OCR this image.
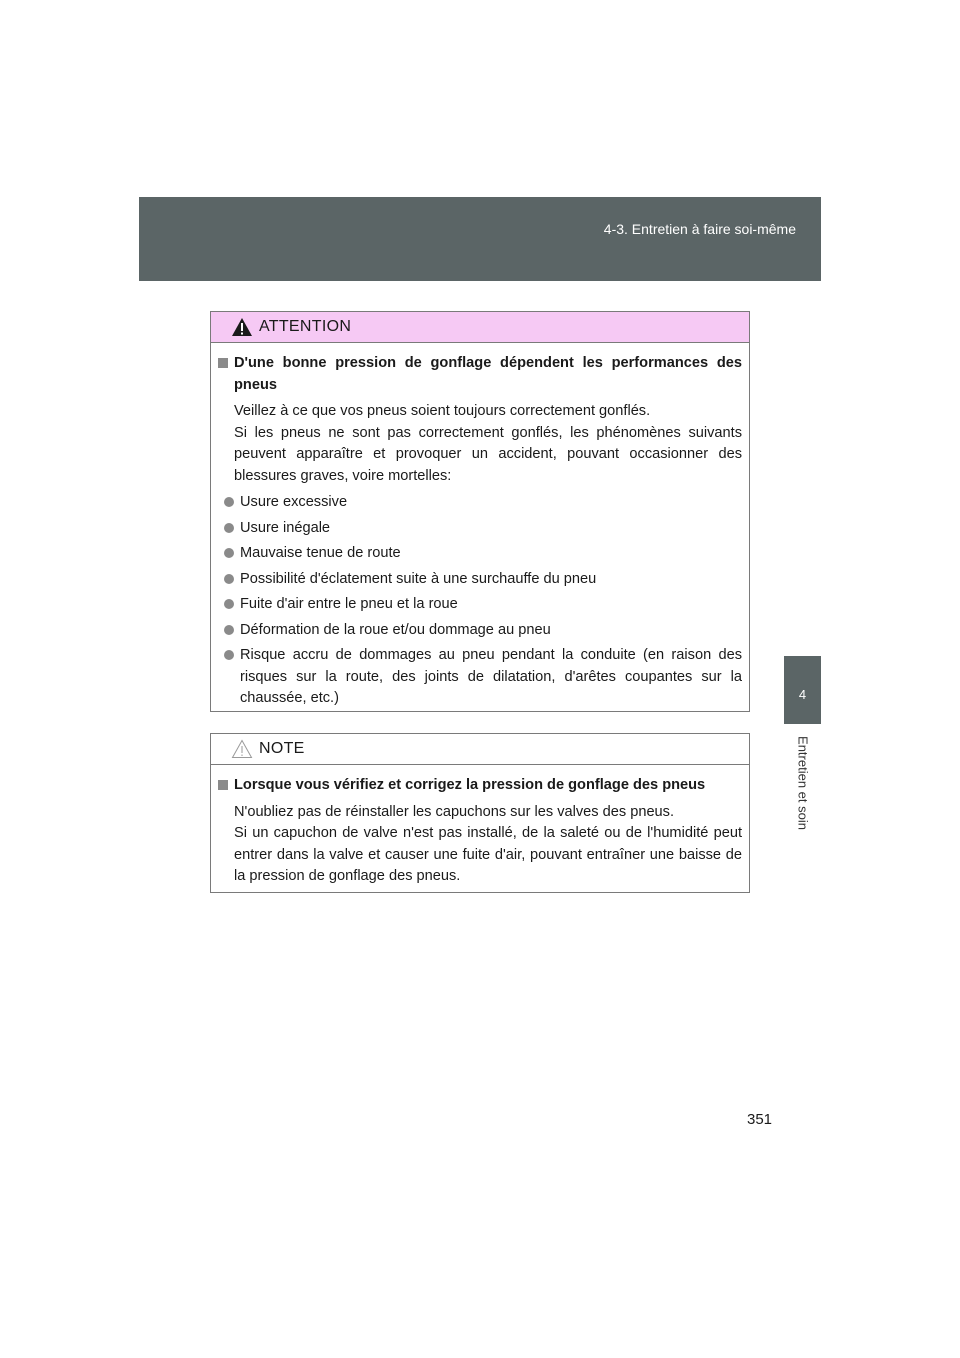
4-3. Entretien à faire soi-même
4
Entretien et soin
ATTENTION
D'une bonne pression de gonflage dépendent les performances des pneus
Veillez à ce que vos pneus soient toujours correctement gonflés.
Si les pneus ne sont pas correctement gonflés, les phénomènes suivants peuvent apparaître et provoquer un accident, pouvant occasionner des blessures graves, voire mortelles:
Usure excessive
Usure inégale
Mauvaise tenue de route
Possibilité d'éclatement suite à une surchauffe du pneu
Fuite d'air entre le pneu et la roue
Déformation de la roue et/ou dommage au pneu
Risque accru de dommages au pneu pendant la conduite (en raison des risques sur la route, des joints de dilatation, d'arêtes coupantes sur la chaussée, etc.)
NOTE
Lorsque vous vérifiez et corrigez la pression de gonflage des pneus
N'oubliez pas de réinstaller les capuchons sur les valves des pneus.
Si un capuchon de valve n'est pas installé, de la saleté ou de l'humidité peut entrer dans la valve et causer une fuite d'air, pouvant entraîner une baisse de la pression de gonflage des pneus.
351
